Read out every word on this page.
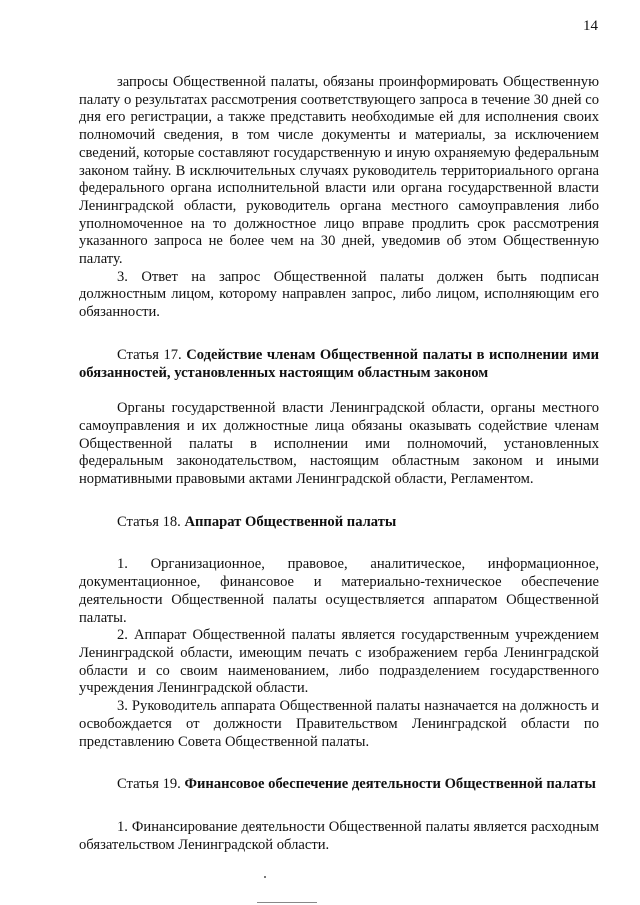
14

запросы Общественной палаты, обязаны проинформировать Общественную палату о результатах рассмотрения соответствующего запроса в течение 30 дней со дня его регистрации, а также представить необходимые ей для исполнения своих полномочий сведения, в том числе документы и материалы, за исключением сведений, которые составляют государственную и иную охраняемую федеральным законом тайну. В исключительных случаях руководитель территориального органа федерального органа исполнительной власти или органа государственной власти Ленинградской области, руководитель органа местного самоуправления либо уполномоченное на то должностное лицо вправе продлить срок рассмотрения указанного запроса не более чем на 30 дней, уведомив об этом Общественную палату.

3. Ответ на запрос Общественной палаты должен быть подписан должностным лицом, которому направлен запрос, либо лицом, исполняющим его обязанности.

Статья 17. Содействие членам Общественной палаты в исполнении ими обязанностей, установленных настоящим областным законом

Органы государственной власти Ленинградской области, органы местного самоуправления и их должностные лица обязаны оказывать содействие членам Общественной палаты в исполнении ими полномочий, установленных федеральным законодательством, настоящим областным законом и иными нормативными правовыми актами Ленинградской области, Регламентом.

Статья 18. Аппарат Общественной палаты

1. Организационное, правовое, аналитическое, информационное, документационное, финансовое и материально-техническое обеспечение деятельности Общественной палаты осуществляется аппаратом Общественной палаты.

2. Аппарат Общественной палаты является государственным учреждением Ленинградской области, имеющим печать с изображением герба Ленинградской области и со своим наименованием, либо подразделением государственного учреждения Ленинградской области.

3. Руководитель аппарата Общественной палаты назначается на должность и освобождается от должности Правительством Ленинградской области по представлению Совета Общественной палаты.

Статья 19. Финансовое обеспечение деятельности Общественной палаты

1. Финансирование деятельности Общественной палаты является расходным обязательством Ленинградской области.
